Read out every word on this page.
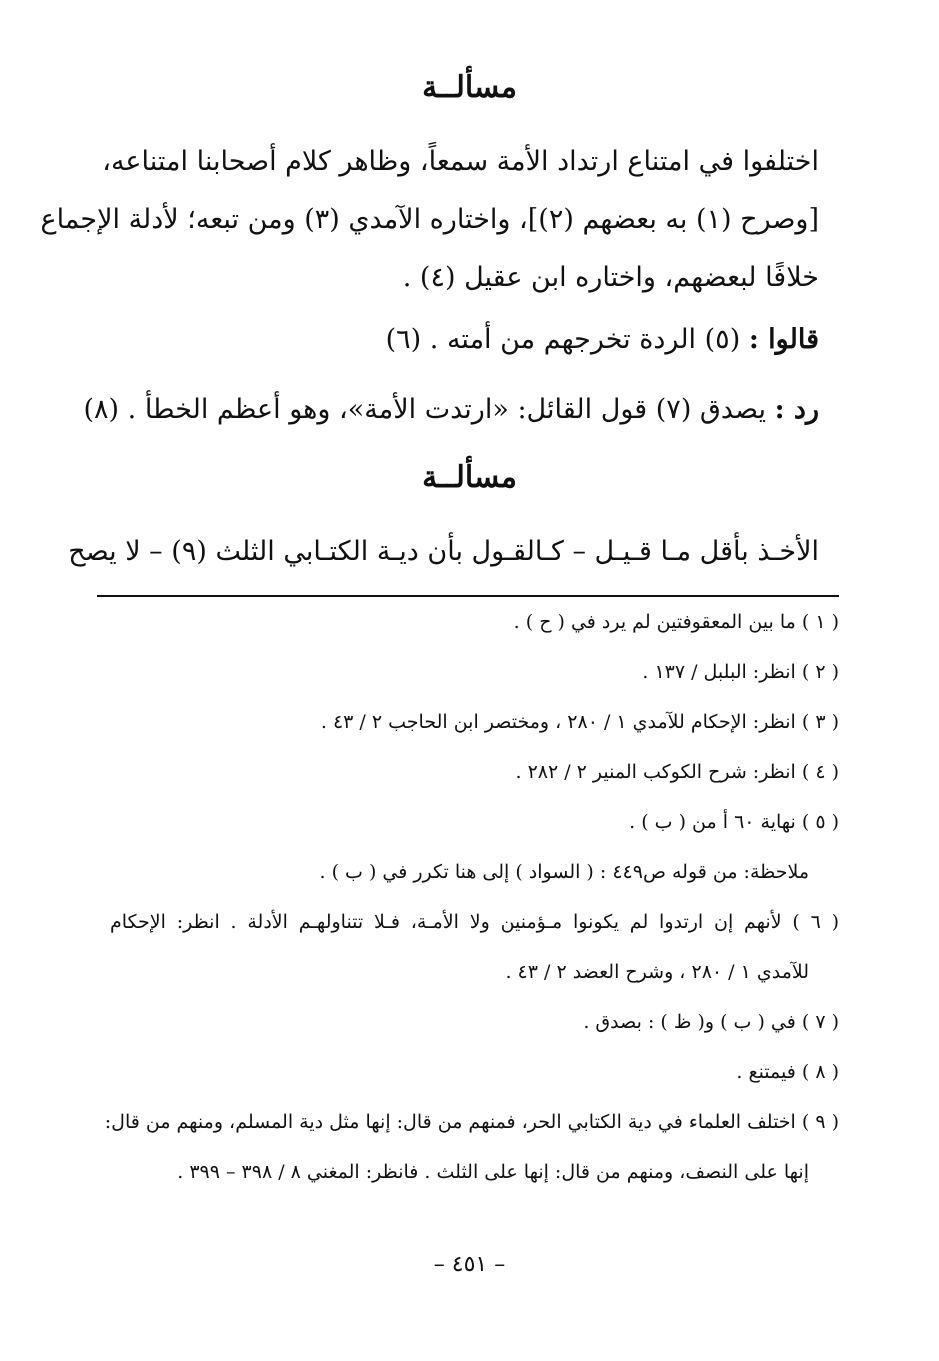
مسألــة
اختلفوا في امتناع ارتداد الأمة سمعاً، وظاهر كلام أصحابنا امتناعه،
[وصرح (١) به بعضهم (٢)]، واختاره الآمدي (٣) ومن تبعه؛ لأدلة الإجماع
خلافًا لبعضهم، واختاره ابن عقيل (٤) .
قالوا : (٥) الردة تخرجهم من أمته . (٦)
رد : يصدق (٧) قول القائل: «ارتدت الأمة»، وهو أعظم الخطأ . (٨)
مسألــة
الأخـذ بأقل مـا قـيـل – كـالقـول بأن ديـة الكتـابي الثلث (٩) – لا يصح
( ١ ) ما بين المعقوفتين لم يرد في ( ح ) .
( ٢ ) انظر: البلبل / ١٣٧ .
( ٣ ) انظر: الإحكام للآمدي ١ / ٢٨٠ ، ومختصر ابن الحاجب ٢ / ٤٣ .
( ٤ ) انظر: شرح الكوكب المنير ٢ / ٢٨٢ .
( ٥ ) نهاية ٦٠ أ من ( ب ) .
ملاحظة: من قوله ص٤٤٩ : ( السواد ) إلى هنا تكرر في ( ب ) .
( ٦ ) لأنهم إن ارتدوا لم يكونوا مـؤمنين ولا الأمـة، فـلا تتناولهـم الأدلة . انظر: الإحكام
للآمدي ١ / ٢٨٠ ، وشرح العضد ٢ / ٤٣ .
( ٧ ) في ( ب ) و( ظ ) : بصدق .
( ٨ ) فيمتنع .
( ٩ ) اختلف العلماء في دية الكتابي الحر، فمنهم من قال: إنها مثل دية المسلم، ومنهم من قال:
إنها على النصف، ومنهم من قال: إنها على الثلث . فانظر: المغني ٨ / ٣٩٨ – ٣٩٩ .
– ٤٥١ –
